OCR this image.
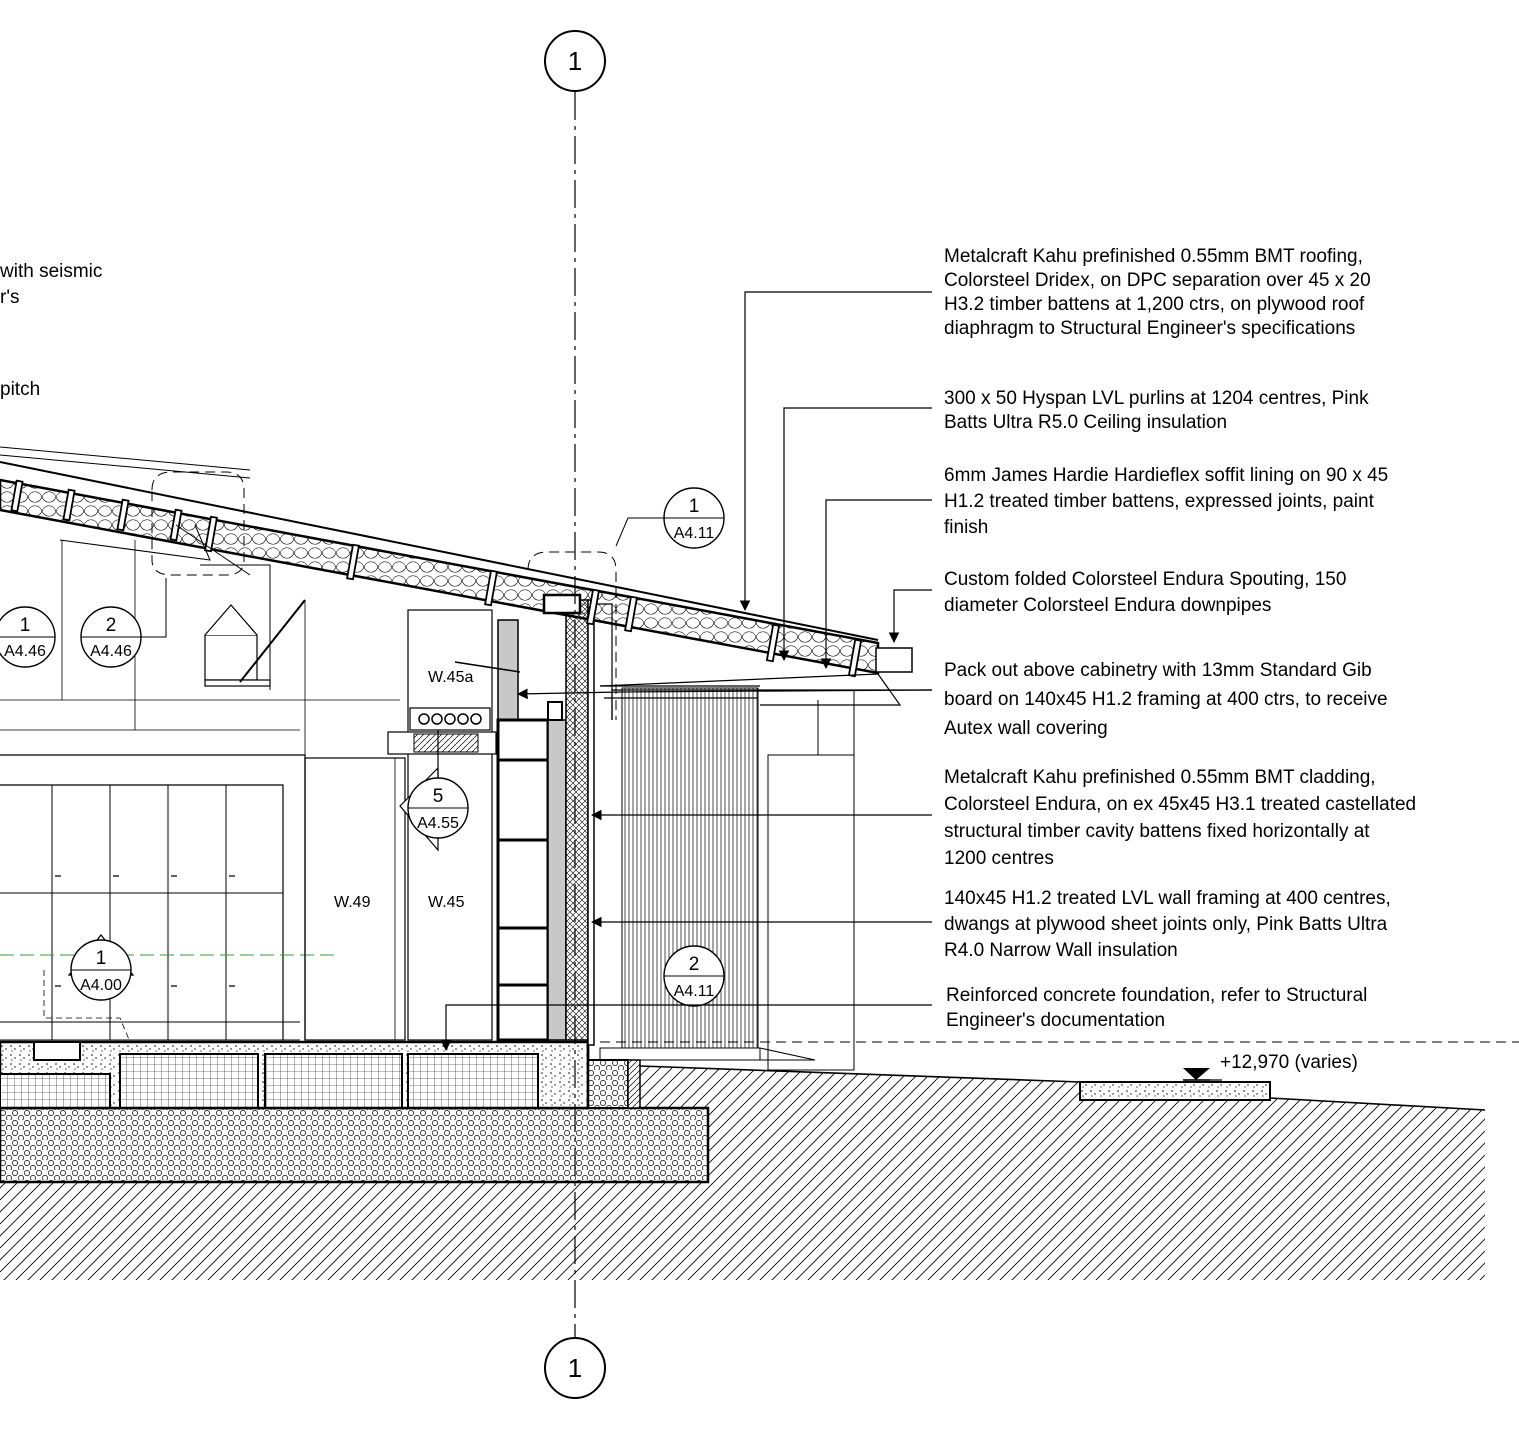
1
1
1
A4.11
2
A4.11
1
A4.46
2
A4.46
5
A4.55
1
A4.00
W.45a
W.49	W.45
+12,970 (varies)
with seismic
r's
pitch
Metalcraft Kahu prefinished 0.55mm BMT roofing, Colorsteel Dridex, on DPC separation over 45 x 20 H3.2 timber battens at 1,200 ctrs, on plywood roof diaphragm to Structural Engineer's specifications
300 x 50 Hyspan LVL purlins at 1204 centres, Pink Batts Ultra R5.0 Ceiling insulation
6mm James Hardie Hardieflex soffit lining on 90 x 45 H1.2 treated timber battens, expressed joints, paint finish
Custom folded Colorsteel Endura Spouting, 150 diameter Colorsteel Endura downpipes
Pack out above cabinetry with 13mm Standard Gib board on 140x45 H1.2 framing at 400 ctrs, to receive Autex wall covering
Metalcraft Kahu prefinished 0.55mm BMT cladding, Colorsteel Endura, on ex 45x45 H3.1 treated castellated structural timber cavity battens fixed horizontally at 1200 centres
140x45 H1.2 treated LVL wall framing at 400 centres, dwangs at plywood sheet joints only, Pink Batts Ultra R4.0 Narrow Wall insulation
Reinforced concrete foundation, refer to Structural Engineer's documentation
